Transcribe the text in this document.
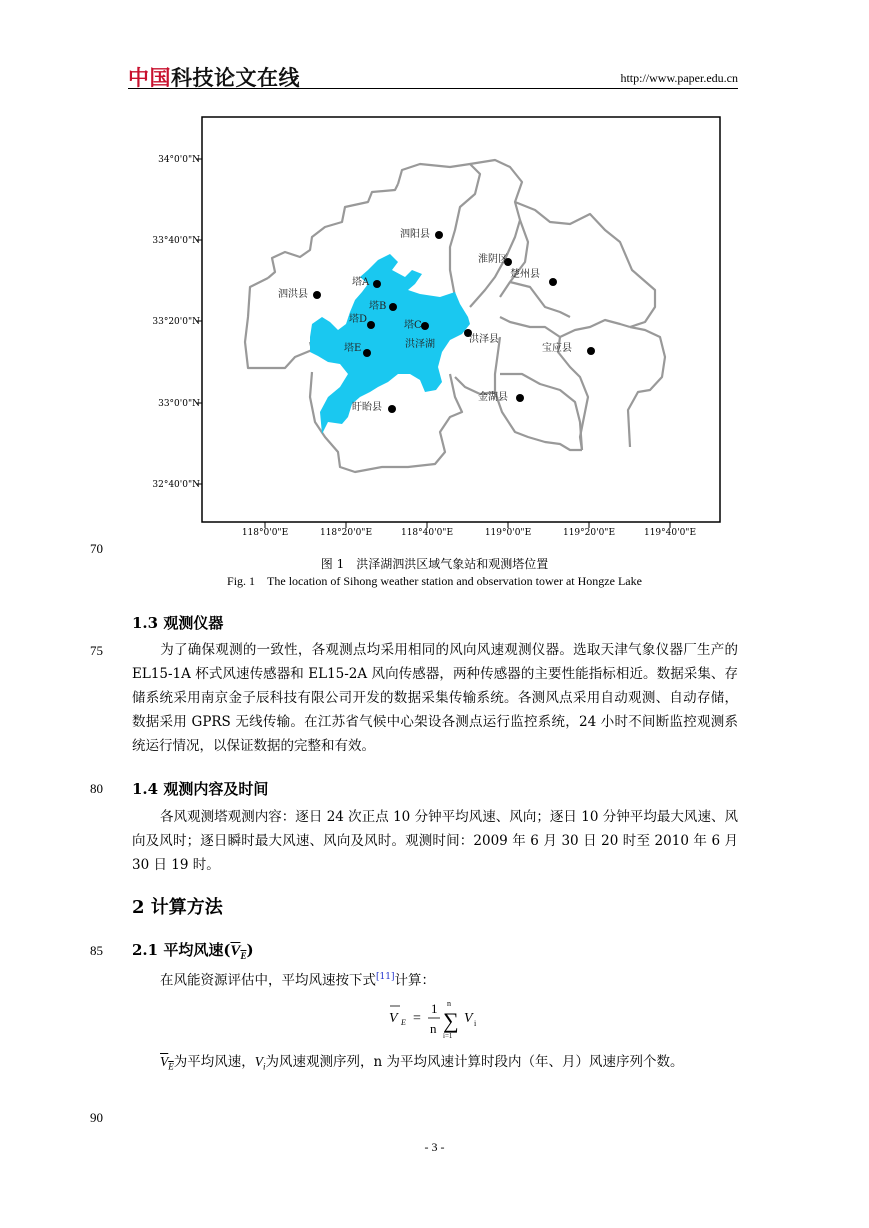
中国科技论文在线	http://www.paper.edu.cn
34°0'0"N
33°40'0"N
33°20'0"N
33°0'0"N
32°40'0"N
118°0'0"E	118°20'0"E	118°40'0"E	119°0'0"E	119°20'0"E	119°40'0"E
泗阳县
淮阴区
楚州县
泗洪县
塔A
塔B
塔D
塔C
塔E	洪泽湖	洪泽县
宝应县
金湖县
盱眙县
70
图 1　洪泽湖泗洪区域气象站和观测塔位置
Fig. 1　The location of Sihong weather station and observation tower at Hongze Lake
1.3 观测仪器
75	为了确保观测的一致性，各观测点均采用相同的风向风速观测仪器。选取天津气象仪器厂生产的 EL15-1A 杯式风速传感器和 EL15-2A 风向传感器，两种传感器的主要性能指标相近。数据采集、存储系统采用南京金子辰科技有限公司开发的数据采集传输系统。各测风点采用自动观测、自动存储，数据采用 GPRS 无线传输。在江苏省气候中心架设各测点运行监控系统，24 小时不间断监控观测系统运行情况，以保证数据的完整和有效。
80 1.4 观测内容及时间
各风观测塔观测内容：逐日 24 次正点 10 分钟平均风速、风向；逐日 10 分钟平均最大风速、风向及风时；逐日瞬时最大风速、风向及风时。观测时间：2009 年 6 月 30 日 20 时至 2010 年 6 月 30 日 19 时。
2 计算方法
85 2.1 平均风速$(V_E)$
在风能资源评估中，平均风速按下式[11]计算：
V E =
1
n
n
∑
i=1
V i
$V_E$为平均风速，$V_i$为风速观测序列，n 为平均风速计算时段内（年、月）风速序列个数。
90
- 3 -
